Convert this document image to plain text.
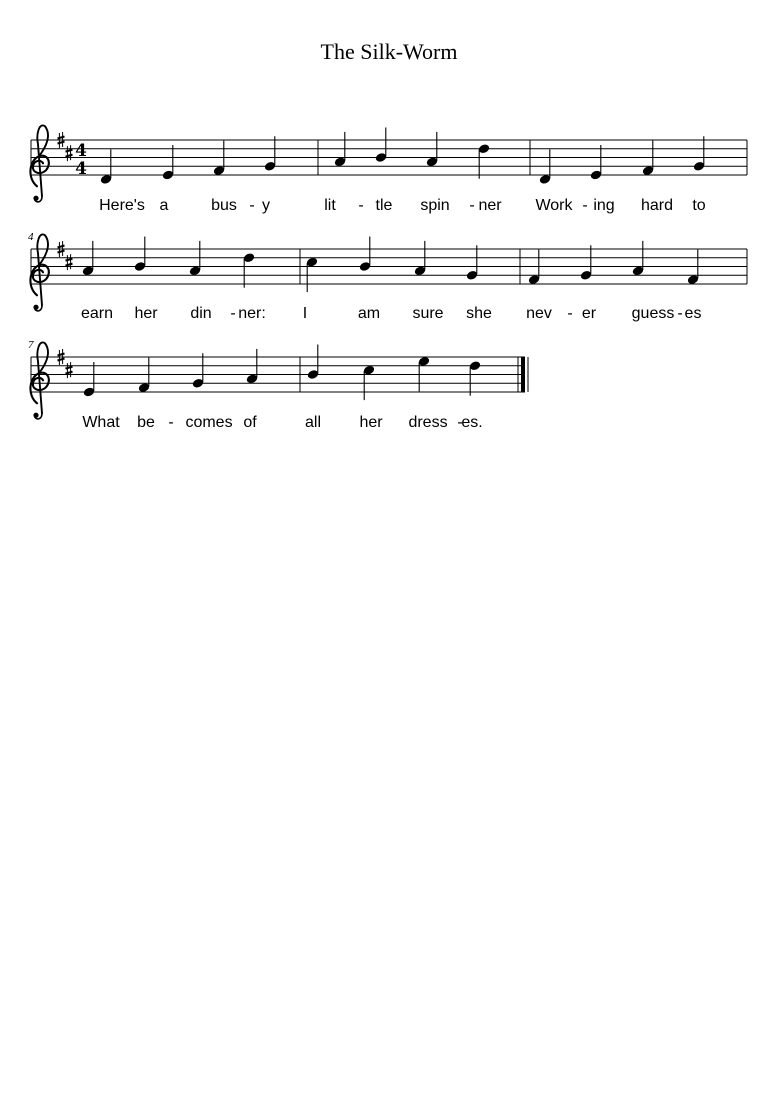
The Silk-Worm
4
4
Here's a	bus - y	lit - tle spin - ner Work - ing hard to
4
earn her din - ner: I	am sure she nev - er guess - es
7
What be - comes of	all her dress -
es.
